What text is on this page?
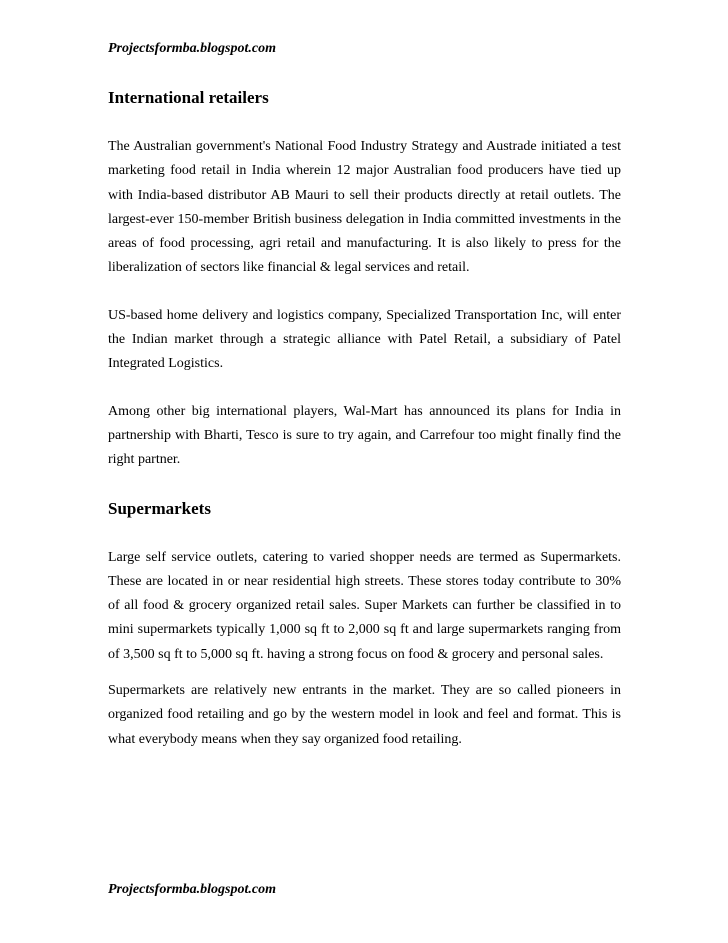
Projectsformba.blogspot.com
International retailers

The Australian government's National Food Industry Strategy and Austrade initiated a test marketing food retail in India wherein 12 major Australian food producers have tied up with India-based distributor AB Mauri to sell their products directly at retail outlets. The largest-ever 150-member British business delegation in India committed investments in the areas of food processing, agri retail and manufacturing. It is also likely to press for the liberalization of sectors like financial & legal services and retail.

US-based home delivery and logistics company, Specialized Transportation Inc, will enter the Indian market through a strategic alliance with Patel Retail, a subsidiary of Patel Integrated Logistics.

Among other big international players, Wal-Mart has announced its plans for India in partnership with Bharti, Tesco is sure to try again, and Carrefour too might finally find the right partner.

Supermarkets

Large self service outlets, catering to varied shopper needs are termed as Supermarkets. These are located in or near residential high streets. These stores today contribute to 30% of all food & grocery organized retail sales. Super Markets can further be classified in to mini supermarkets typically 1,000 sq ft to 2,000 sq ft and large supermarkets ranging from of 3,500 sq ft to 5,000 sq ft. having a strong focus on food & grocery and personal sales.

Supermarkets are relatively new entrants in the market. They are so called pioneers in organized food retailing and go by the western model in look and feel and format. This is what everybody means when they say organized food retailing.

Projectsformba.blogspot.com
